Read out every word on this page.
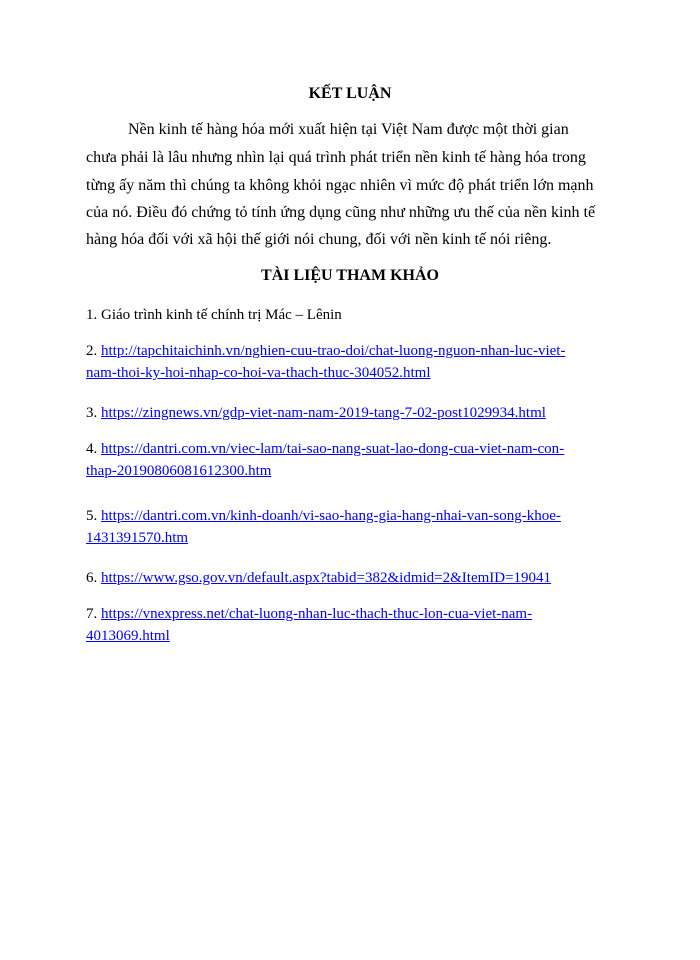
KẾT LUẬN
Nền kinh tế hàng hóa mới xuất hiện tại Việt Nam được một thời gian
chưa phải là lâu nhưng nhìn lại quá trình phát triển nền kinh tế hàng hóa trong
từng ấy năm thì chúng ta không khỏi ngạc nhiên vì mức độ phát triển lớn mạnh
của nó. Điều đó chứng tỏ tính ứng dụng cũng như những ưu thế của nền kinh tế
hàng hóa đối với xã hội thế giới nói chung, đối với nền kinh tế nói riêng.
TÀI LIỆU THAM KHẢO
1. Giáo trình kinh tế chính trị Mác – Lênin
2. http://tapchitaichinh.vn/nghien-cuu-trao-doi/chat-luong-nguon-nhan-luc-viet-
nam-thoi-ky-hoi-nhap-co-hoi-va-thach-thuc-304052.html
3. https://zingnews.vn/gdp-viet-nam-nam-2019-tang-7-02-post1029934.html
4. https://dantri.com.vn/viec-lam/tai-sao-nang-suat-lao-dong-cua-viet-nam-con-
thap-20190806081612300.htm
5. https://dantri.com.vn/kinh-doanh/vi-sao-hang-gia-hang-nhai-van-song-khoe-
1431391570.htm
6. https://www.gso.gov.vn/default.aspx?tabid=382&idmid=2&ItemID=19041
7. https://vnexpress.net/chat-luong-nhan-luc-thach-thuc-lon-cua-viet-nam-
4013069.html
